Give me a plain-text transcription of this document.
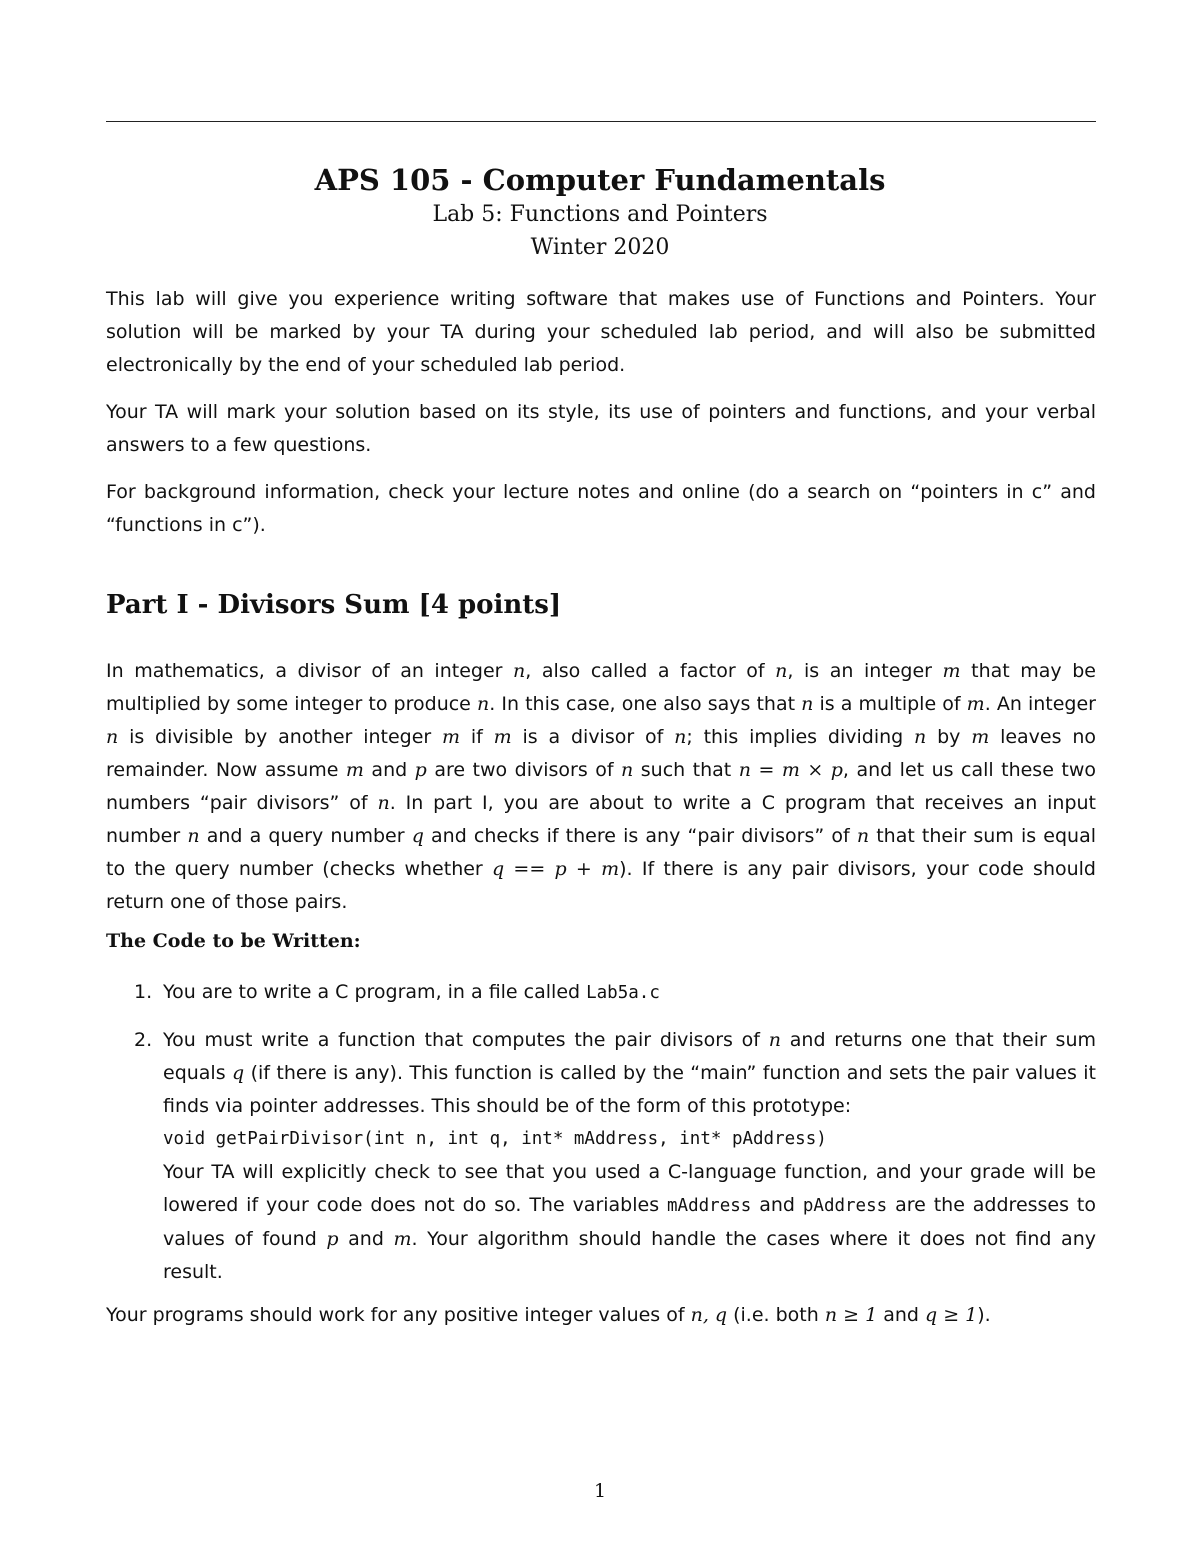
APS 105 - Computer Fundamentals
Lab 5: Functions and Pointers
Winter 2020
This lab will give you experience writing software that makes use of Functions and Pointers. Your solution will be marked by your TA during your scheduled lab period, and will also be submitted electronically by the end of your scheduled lab period.
Your TA will mark your solution based on its style, its use of pointers and functions, and your verbal answers to a few questions.
For background information, check your lecture notes and online (do a search on “pointers in c” and “functions in c”).
Part I - Divisors Sum [4 points]
In mathematics, a divisor of an integer n, also called a factor of n, is an integer m that may be multiplied by some integer to produce n. In this case, one also says that n is a multiple of m. An integer n is divisible by another integer m if m is a divisor of n; this implies dividing n by m leaves no remainder. Now assume m and p are two divisors of n such that n = m × p, and let us call these two numbers “pair divisors” of n. In part I, you are about to write a C program that receives an input number n and a query number q and checks if there is any “pair divisors” of n that their sum is equal to the query number (checks whether q == p + m). If there is any pair divisors, your code should return one of those pairs.
The Code to be Written:
1. You are to write a C program, in a file called Lab5a.c
2. You must write a function that computes the pair divisors of n and returns one that their sum equals q (if there is any). This function is called by the “main” function and sets the pair values it finds via pointer addresses. This should be of the form of this prototype:
void getPairDivisor(int n, int q, int* mAddress, int* pAddress)
Your TA will explicitly check to see that you used a C-language function, and your grade will be lowered if your code does not do so. The variables mAddress and pAddress are the addresses to values of found p and m. Your algorithm should handle the cases where it does not find any result.
Your programs should work for any positive integer values of n, q (i.e. both n ≥ 1 and q ≥ 1).
1
